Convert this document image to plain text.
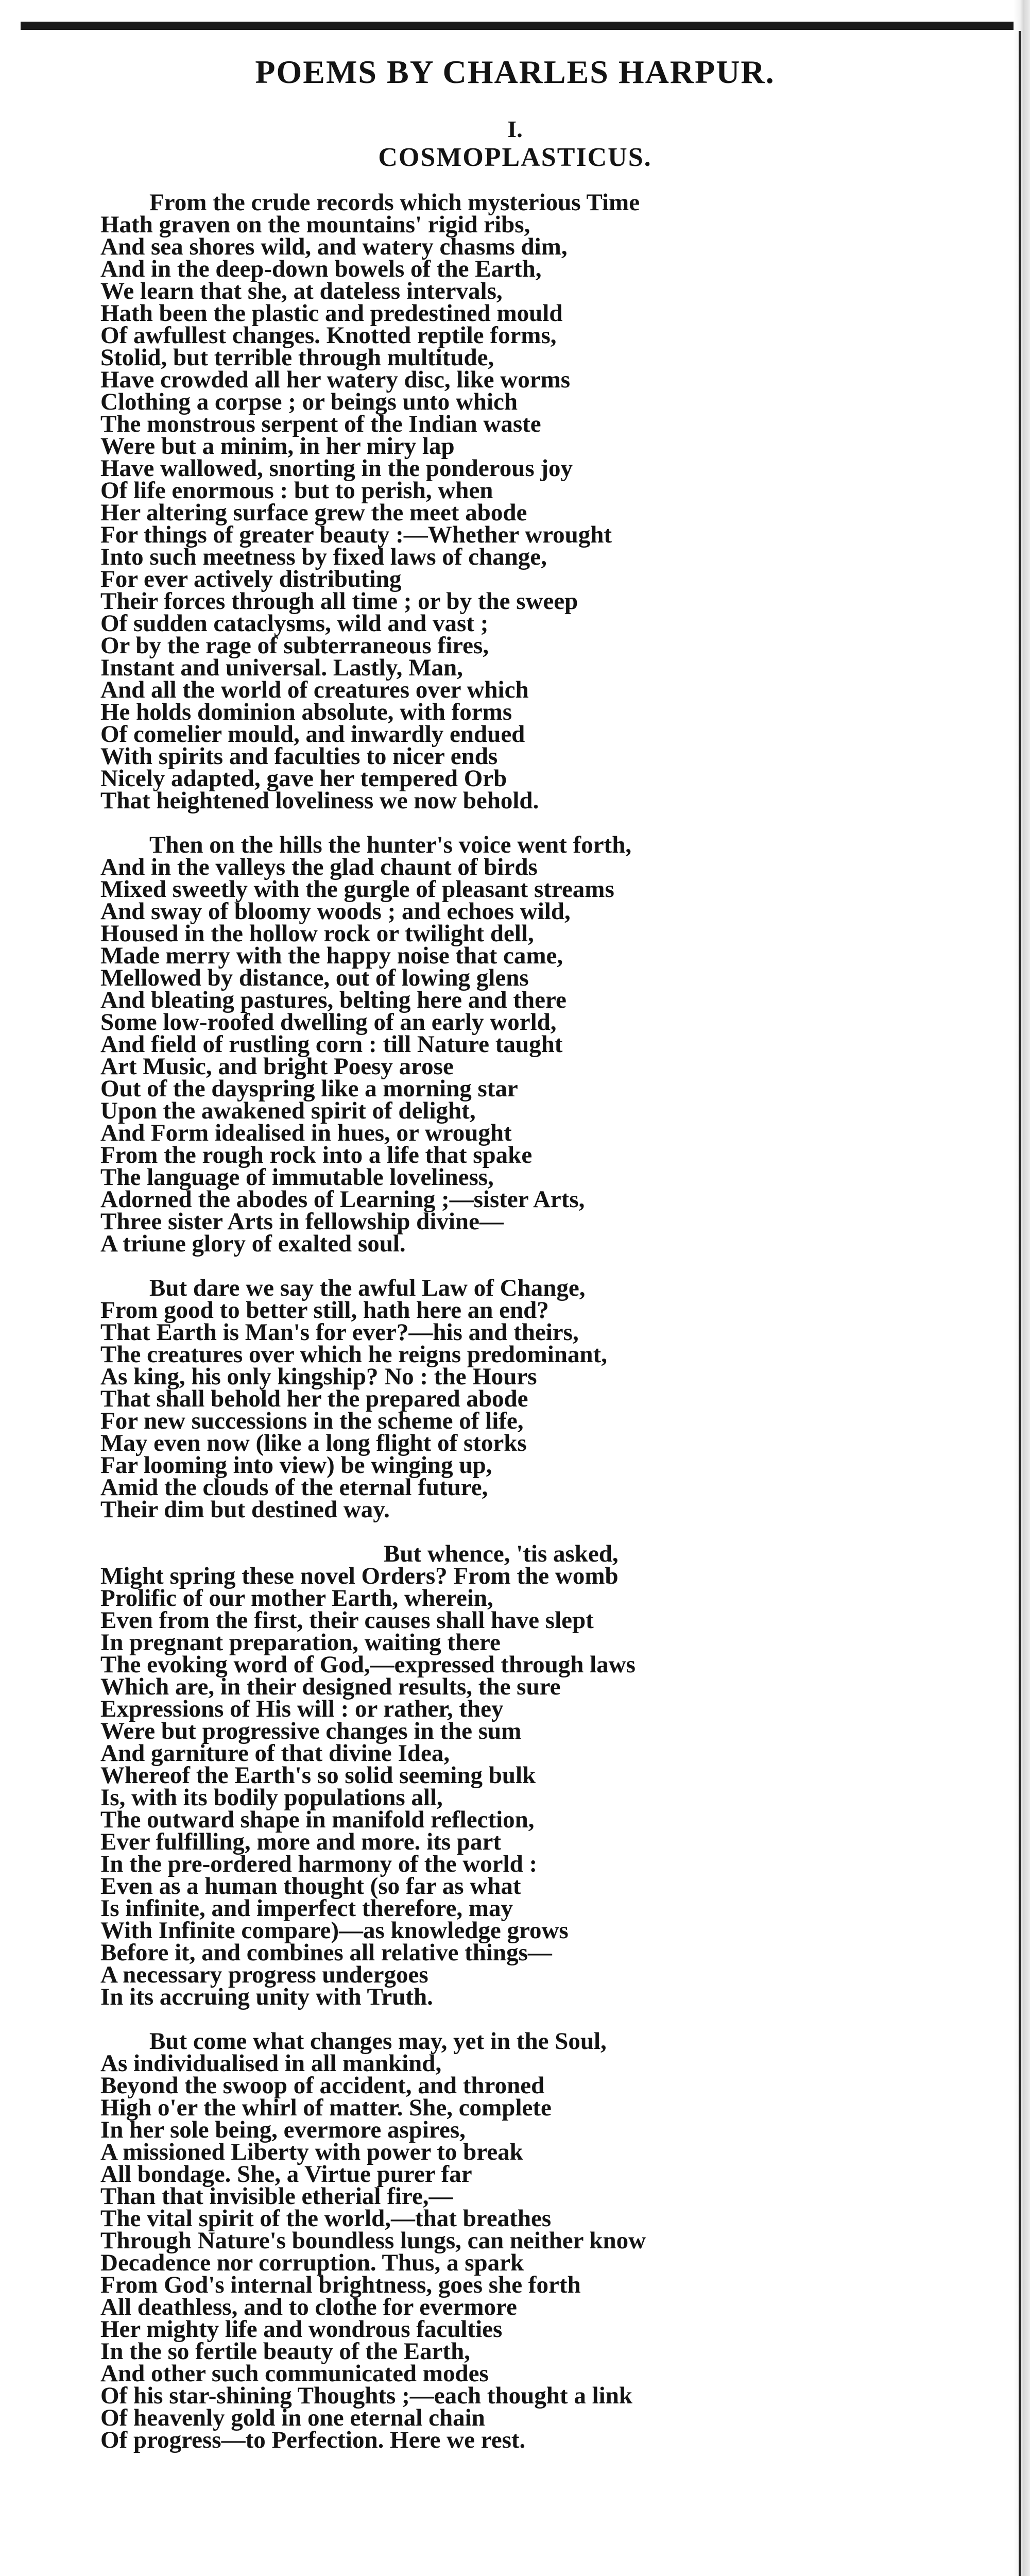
POEMS BY CHARLES HARPUR.
I.
COSMOPLASTICUS.
From the crude records which mysterious Time
Hath graven on the mountains' rigid ribs,
And sea shores wild, and watery chasms dim,
And in the deep-down bowels of the Earth,
We learn that she, at dateless intervals,
Hath been the plastic and predestined mould
Of awfullest changes. Knotted reptile forms,
Stolid, but terrible through multitude,
Have crowded all her watery disc, like worms
Clothing a corpse ; or beings unto which
The monstrous serpent of the Indian waste
Were but a minim, in her miry lap
Have wallowed, snorting in the ponderous joy
Of life enormous : but to perish, when
Her altering surface grew the meet abode
For things of greater beauty :—Whether wrought
Into such meetness by fixed laws of change,
For ever actively distributing
Their forces through all time ; or by the sweep
Of sudden cataclysms, wild and vast ;
Or by the rage of subterraneous fires,
Instant and universal. Lastly, Man,
And all the world of creatures over which
He holds dominion absolute, with forms
Of comelier mould, and inwardly endued
With spirits and faculties to nicer ends
Nicely adapted, gave her tempered Orb
That heightened loveliness we now behold.
Then on the hills the hunter's voice went forth,
And in the valleys the glad chaunt of birds
Mixed sweetly with the gurgle of pleasant streams
And sway of bloomy woods ; and echoes wild,
Housed in the hollow rock or twilight dell,
Made merry with the happy noise that came,
Mellowed by distance, out of lowing glens
And bleating pastures, belting here and there
Some low-roofed dwelling of an early world,
And field of rustling corn : till Nature taught
Art Music, and bright Poesy arose
Out of the dayspring like a morning star
Upon the awakened spirit of delight,
And Form idealised in hues, or wrought
From the rough rock into a life that spake
The language of immutable loveliness,
Adorned the abodes of Learning ;—sister Arts,
Three sister Arts in fellowship divine—
A triune glory of exalted soul.
But dare we say the awful Law of Change,
From good to better still, hath here an end?
That Earth is Man's for ever?—his and theirs,
The creatures over which he reigns predominant,
As king, his only kingship? No : the Hours
That shall behold her the prepared abode
For new successions in the scheme of life,
May even now (like a long flight of storks
Far looming into view) be winging up,
Amid the clouds of the eternal future,
Their dim but destined way.
But whence, 'tis asked,
Might spring these novel Orders? From the womb
Prolific of our mother Earth, wherein,
Even from the first, their causes shall have slept
In pregnant preparation, waiting there
The evoking word of God,—expressed through laws
Which are, in their designed results, the sure
Expressions of His will : or rather, they
Were but progressive changes in the sum
And garniture of that divine Idea,
Whereof the Earth's so solid seeming bulk
Is, with its bodily populations all,
The outward shape in manifold reflection,
Ever fulfilling, more and more. its part
In the pre-ordered harmony of the world :
Even as a human thought (so far as what
Is infinite, and imperfect therefore, may
With Infinite compare)—as knowledge grows
Before it, and combines all relative things—
A necessary progress undergoes
In its accruing unity with Truth.
But come what changes may, yet in the Soul,
As individualised in all mankind,
Beyond the swoop of accident, and throned
High o'er the whirl of matter. She, complete
In her sole being, evermore aspires,
A missioned Liberty with power to break
All bondage. She, a Virtue purer far
Than that invisible etherial fire,—
The vital spirit of the world,—that breathes
Through Nature's boundless lungs, can neither know
Decadence nor corruption. Thus, a spark
From God's internal brightness, goes she forth
All deathless, and to clothe for evermore
Her mighty life and wondrous faculties
In the so fertile beauty of the Earth,
And other such communicated modes
Of his star-shining Thoughts ;—each thought a link
Of heavenly gold in one eternal chain
Of progress—to Perfection. Here we rest.
